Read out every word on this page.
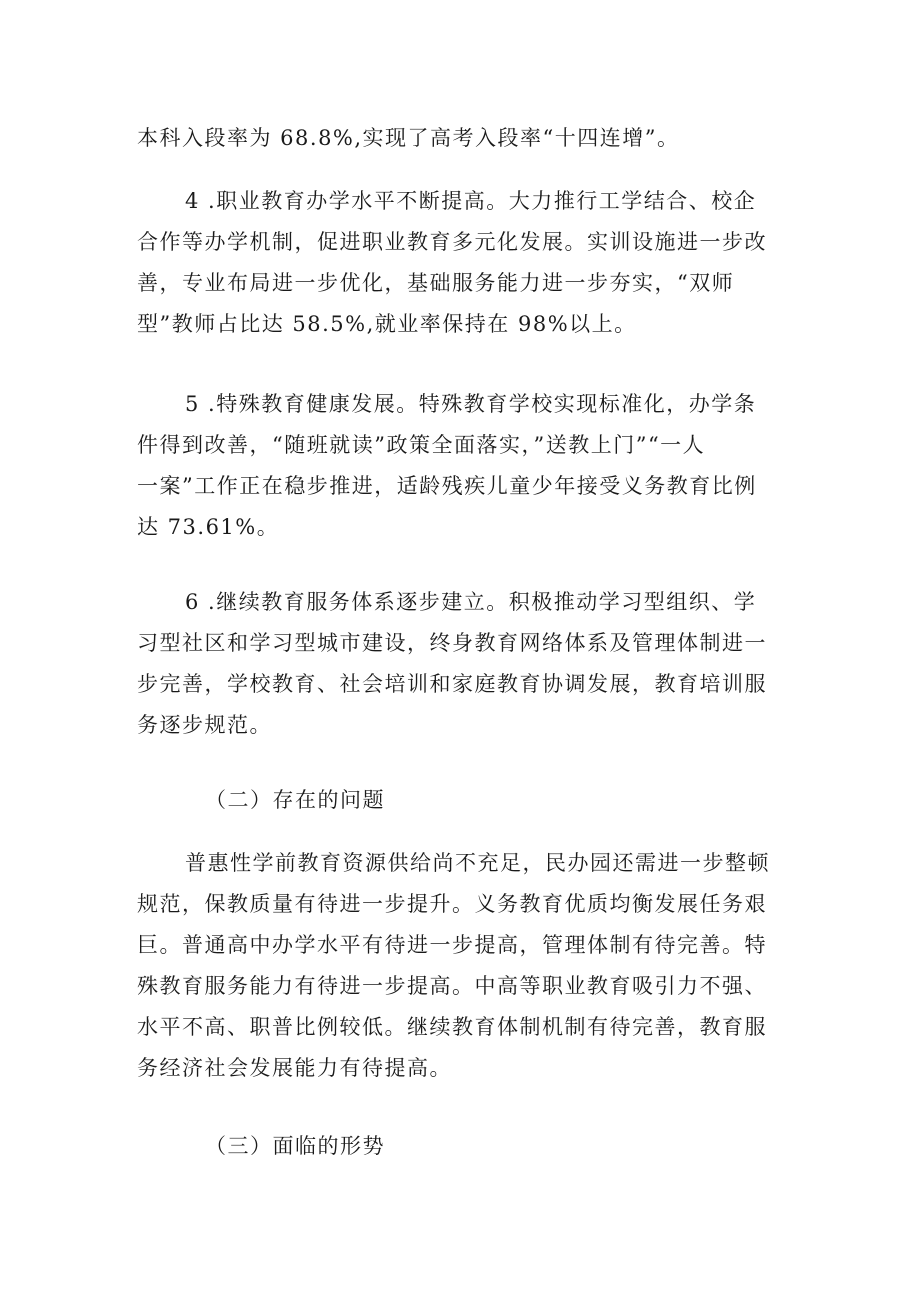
本科入段率为 68.8%,实现了高考入段率“十四连增”。

4 .职业教育办学水平不断提高。大力推行工学结合、校企
合作等办学机制，促进职业教育多元化发展。实训设施进一步改
善，专业布局进一步优化，基础服务能力进一步夯实，“双师
型”教师占比达 58.5%,就业率保持在 98%以上。

5 .特殊教育健康发展。特殊教育学校实现标准化，办学条
件得到改善，“随班就读”政策全面落实，”送教上门”“一人
一案”工作正在稳步推进，适龄残疾儿童少年接受义务教育比例
达 73.61%。

6 .继续教育服务体系逐步建立。积极推动学习型组织、学
习型社区和学习型城市建设，终身教育网络体系及管理体制进一
步完善，学校教育、社会培训和家庭教育协调发展，教育培训服
务逐步规范。

（二）存在的问题

普惠性学前教育资源供给尚不充足，民办园还需进一步整顿
规范，保教质量有待进一步提升。义务教育优质均衡发展任务艰
巨。普通高中办学水平有待进一步提高，管理体制有待完善。特
殊教育服务能力有待进一步提高。中高等职业教育吸引力不强、
水平不高、职普比例较低。继续教育体制机制有待完善，教育服
务经济社会发展能力有待提高。

（三）面临的形势
